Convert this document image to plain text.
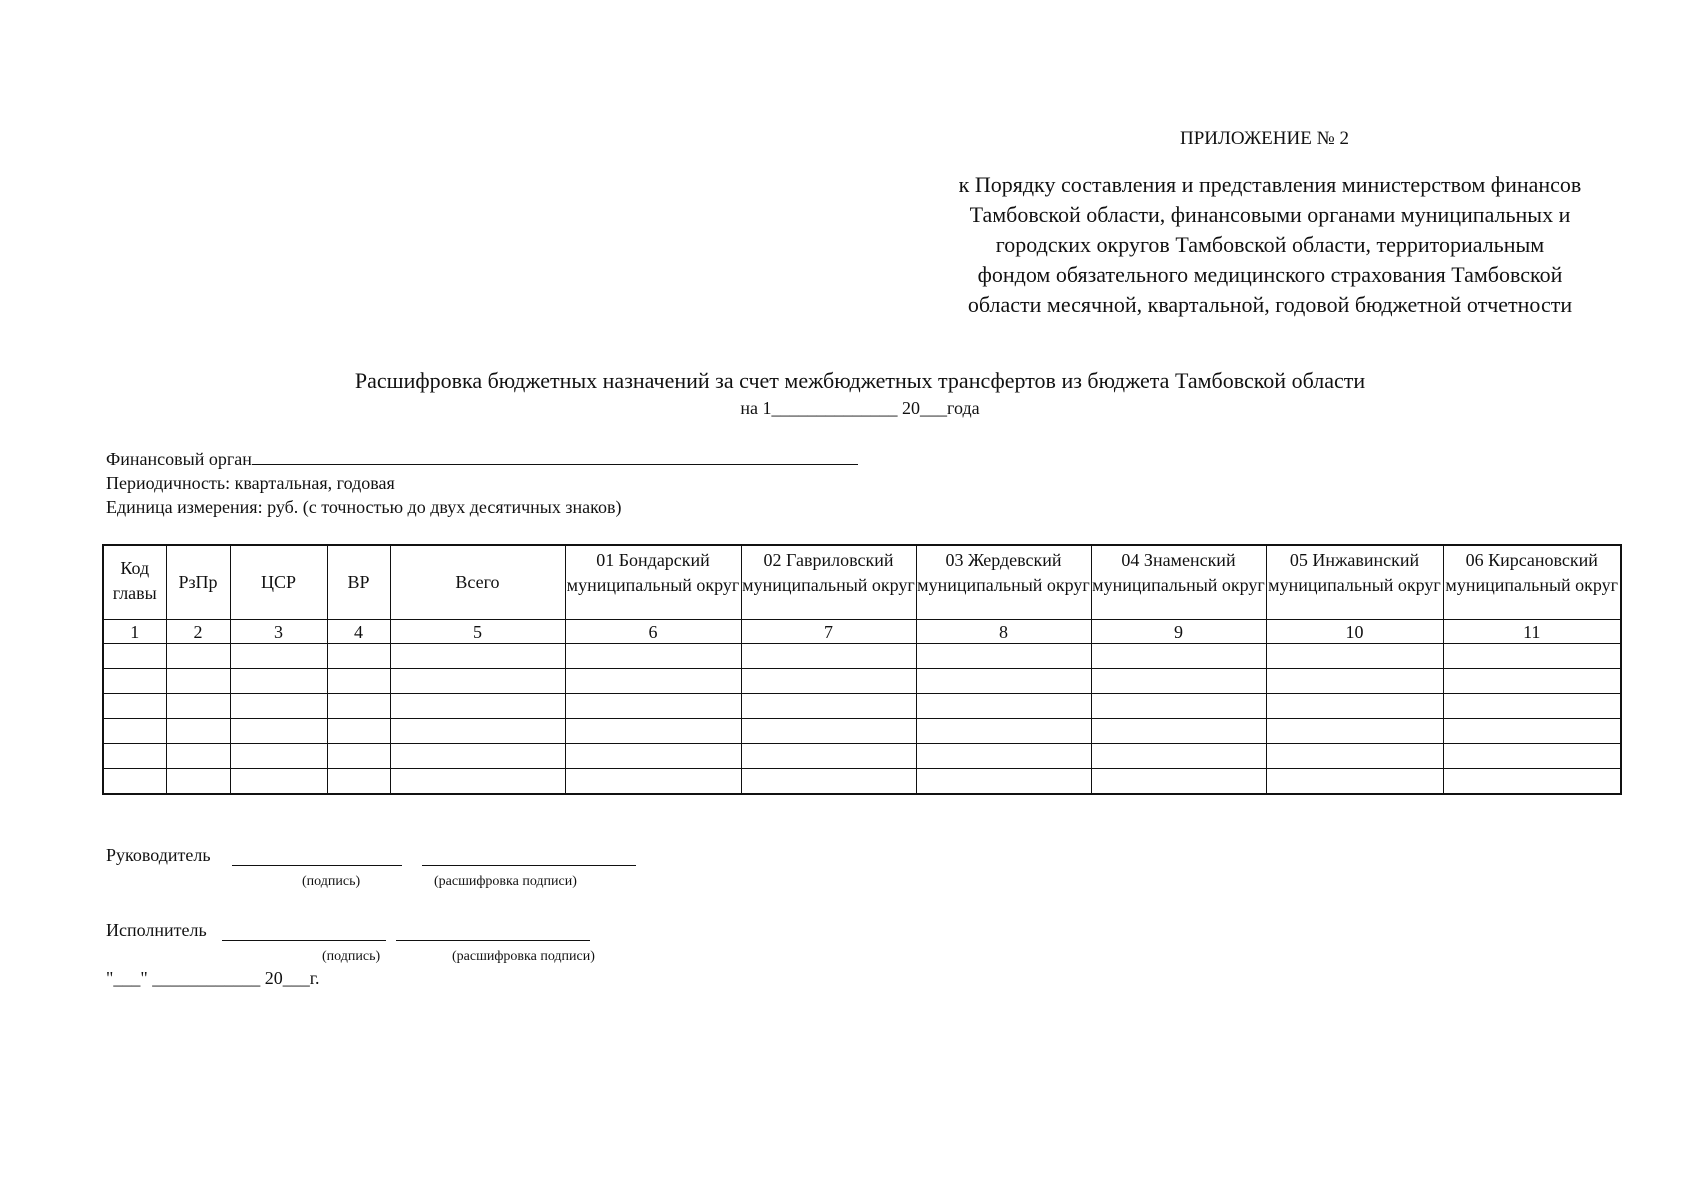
ПРИЛОЖЕНИЕ № 2
к Порядку составления и представления министерством финансов
Тамбовской области, финансовыми органами муниципальных и
городских округов Тамбовской области, территориальным
фондом обязательного медицинского страхования Тамбовской
области месячной, квартальной, годовой бюджетной отчетности
Расшифровка бюджетных назначений за счет межбюджетных трансфертов из бюджета Тамбовской области
на 1______________ 20___года
Финансовый орган
Периодичность: квартальная, годовая
Единица измерения: руб. (с точностью до двух десятичных знаков)
Код главы	РзПр	ЦСР	ВР	Всего	01 Бондарский муниципальный округ	02 Гавриловский муниципальный округ	03 Жердевский муниципальный округ	04 Знаменский муниципальный округ	05 Инжавинский муниципальный округ	06 Кирсановский муниципальный округ

1	2	3	4	5	6	7	8	9	10	11

Руководитель
(подпись)	(расшифровка подписи)
Исполнитель
(подпись)	(расшифровка подписи)
"___" ____________ 20___г.
